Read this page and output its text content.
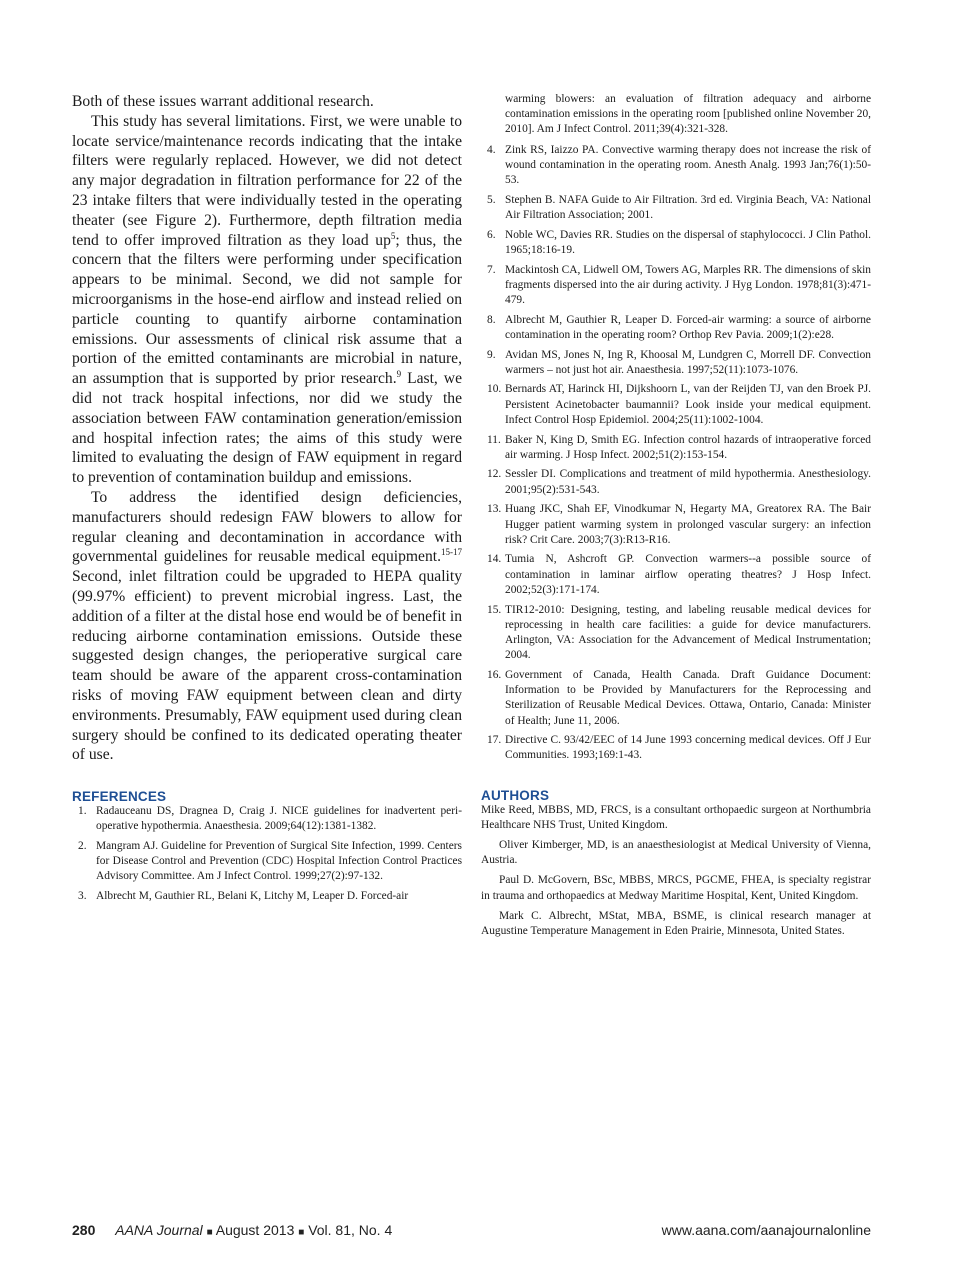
Both of these issues warrant additional research.

This study has several limitations. First, we were unable to locate service/maintenance records indicating that the intake filters were regularly replaced. However, we did not detect any major degradation in filtration performance for 22 of the 23 intake filters that were individually tested in the operating theater (see Figure 2). Furthermore, depth filtration media tend to offer improved filtration as they load $up^5$; thus, the concern that the filters were performing under specification appears to be minimal. Second, we did not sample for microorganisms in the hose-end airflow and instead relied on particle counting to quantify airborne contamination emissions. Our assessments of clinical risk assume that a portion of the emitted contaminants are microbial in nature, an assumption that is supported by prior research.$^9$ Last, we did not track hospital infections, nor did we study the association between FAW contamination generation/emission and hospital infection rates; the aims of this study were limited to evaluating the design of FAW equipment in regard to prevention of contamination buildup and emissions.

To address the identified design deficiencies, manufacturers should redesign FAW blowers to allow for regular cleaning and decontamination in accordance with governmental guidelines for reusable medical equipment.$^{15-17}$ Second, inlet filtration could be upgraded to HEPA quality (99.97% efficient) to prevent microbial ingress. Last, the addition of a filter at the distal hose end would be of benefit in reducing airborne contamination emissions. Outside these suggested design changes, the perioperative surgical care team should be aware of the apparent cross-contamination risks of moving FAW equipment between clean and dirty environments. Presumably, FAW equipment used during clean surgery should be confined to its dedicated operating theater of use.

REFERENCES
1. Radauceanu DS, Dragnea D, Craig J. NICE guidelines for inadvertent peri-operative hypothermia. Anaesthesia. 2009;64(12):1381-1382.
2. Mangram AJ. Guideline for Prevention of Surgical Site Infection, 1999. Centers for Disease Control and Prevention (CDC) Hospital Infection Control Practices Advisory Committee. Am J Infect Control. 1999;27(2):97-132.
3. Albrecht M, Gauthier RL, Belani K, Litchy M, Leaper D. Forced-air
warming blowers: an evaluation of filtration adequacy and airborne contamination emissions in the operating room [published online November 20, 2010]. Am J Infect Control. 2011;39(4):321-328.
4. Zink RS, Iaizzo PA. Convective warming therapy does not increase the risk of wound contamination in the operating room. Anesth Analg. 1993 Jan;76(1):50-53.
5. Stephen B. NAFA Guide to Air Filtration. 3rd ed. Virginia Beach, VA: National Air Filtration Association; 2001.
6. Noble WC, Davies RR. Studies on the dispersal of staphylococci. J Clin Pathol. 1965;18:16-19.
7. Mackintosh CA, Lidwell OM, Towers AG, Marples RR. The dimensions of skin fragments dispersed into the air during activity. J Hyg London. 1978;81(3):471-479.
8. Albrecht M, Gauthier R, Leaper D. Forced-air warming: a source of airborne contamination in the operating room? Orthop Rev Pavia. 2009;1(2):e28.
9. Avidan MS, Jones N, Ing R, Khoosal M, Lundgren C, Morrell DF. Convection warmers – not just hot air. Anaesthesia. 1997;52(11):1073-1076.
10. Bernards AT, Harinck HI, Dijkshoorn L, van der Reijden TJ, van den Broek PJ. Persistent Acinetobacter baumannii? Look inside your medical equipment. Infect Control Hosp Epidemiol. 2004;25(11):1002-1004.
11. Baker N, King D, Smith EG. Infection control hazards of intraoperative forced air warming. J Hosp Infect. 2002;51(2):153-154.
12. Sessler DI. Complications and treatment of mild hypothermia. Anesthesiology. 2001;95(2):531-543.
13. Huang JKC, Shah EF, Vinodkumar N, Hegarty MA, Greatorex RA. The Bair Hugger patient warming system in prolonged vascular surgery: an infection risk? Crit Care. 2003;7(3):R13-R16.
14. Tumia N, Ashcroft GP. Convection warmers--a possible source of contamination in laminar airflow operating theatres? J Hosp Infect. 2002;52(3):171-174.
15. TIR12-2010: Designing, testing, and labeling reusable medical devices for reprocessing in health care facilities: a guide for device manufacturers. Arlington, VA: Association for the Advancement of Medical Instrumentation; 2004.
16. Government of Canada, Health Canada. Draft Guidance Document: Information to be Provided by Manufacturers for the Reprocessing and Sterilization of Reusable Medical Devices. Ottawa, Ontario, Canada: Minister of Health; June 11, 2006.
17. Directive C. 93/42/EEC of 14 June 1993 concerning medical devices. Off J Eur Communities. 1993;169:1-43.
AUTHORS

Mike Reed, MBBS, MD, FRCS, is a consultant orthopaedic surgeon at Northumbria Healthcare NHS Trust, United Kingdom.

Oliver Kimberger, MD, is an anaesthesiologist at Medical University of Vienna, Austria.

Paul D. McGovern, BSc, MBBS, MRCS, PGCME, FHEA, is specialty registrar in trauma and orthopaedics at Medway Maritime Hospital, Kent, United Kingdom.

Mark C. Albrecht, MStat, MBA, BSME, is clinical research manager at Augustine Temperature Management in Eden Prairie, Minnesota, United States.

280 AANA Journal ■ August 2013 ■ Vol. 81, No. 4	www.aana.com/aanajournalonline
